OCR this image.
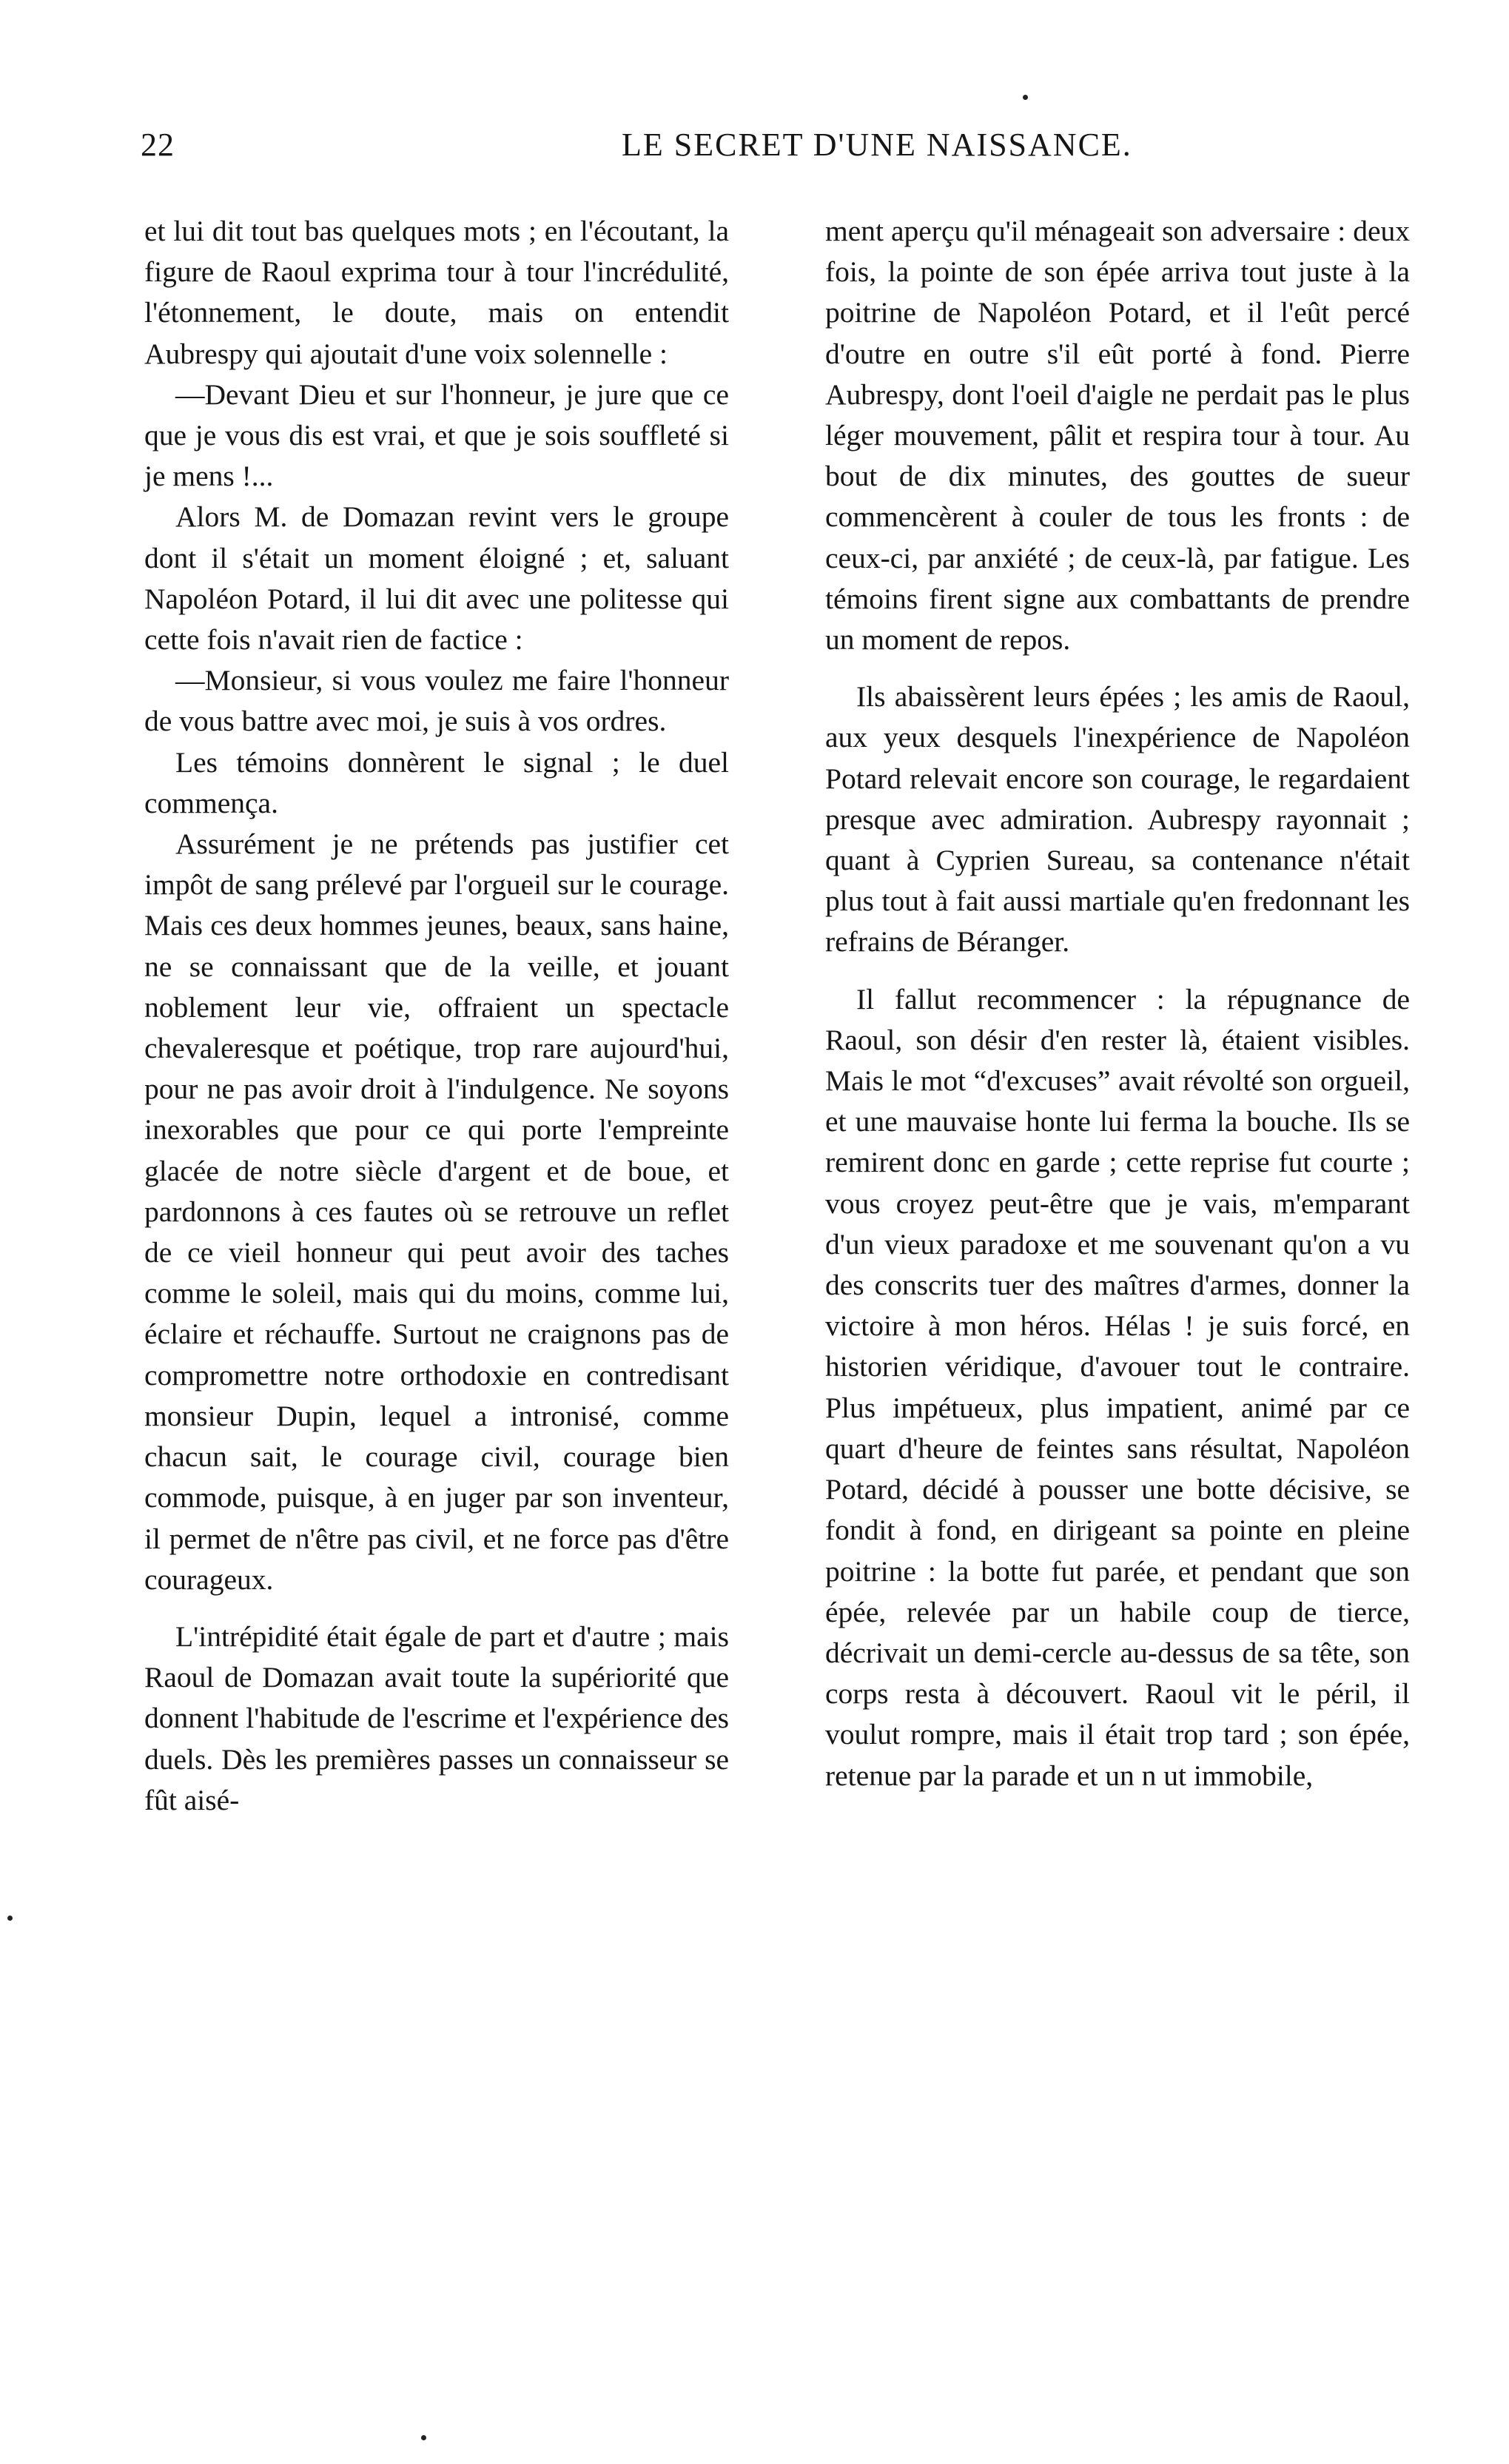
22	LE SECRET D'UNE NAISSANCE.

et lui dit tout bas quelques mots ; en l'écoutant, la figure de Raoul exprima tour à tour l'incrédulité, l'étonnement, le doute, mais on entendit Aubrespy qui ajoutait d'une voix solennelle :

—Devant Dieu et sur l'honneur, je jure que ce que je vous dis est vrai, et que je sois souffleté si je mens !...

Alors M. de Domazan revint vers le groupe dont il s'était un moment éloigné ; et, saluant Napoléon Potard, il lui dit avec une politesse qui cette fois n'avait rien de factice :

—Monsieur, si vous voulez me faire l'honneur de vous battre avec moi, je suis à vos ordres.

Les témoins donnèrent le signal ; le duel commença.

Assurément je ne prétends pas justifier cet impôt de sang prélevé par l'orgueil sur le courage. Mais ces deux hommes jeunes, beaux, sans haine, ne se connaissant que de la veille, et jouant noblement leur vie, offraient un spectacle chevaleresque et poétique, trop rare aujourd'hui, pour ne pas avoir droit à l'indulgence. Ne soyons inexorables que pour ce qui porte l'empreinte glacée de notre siècle d'argent et de boue, et pardonnons à ces fautes où se retrouve un reflet de ce vieil honneur qui peut avoir des taches comme le soleil, mais qui du moins, comme lui, éclaire et réchauffe. Surtout ne craignons pas de compromettre notre orthodoxie en contredisant monsieur Dupin, lequel a intronisé, comme chacun sait, le courage civil, courage bien commode, puisque, à en juger par son inventeur, il permet de n'être pas civil, et ne force pas d'être courageux.

L'intrépidité était égale de part et d'autre ; mais Raoul de Domazan avait toute la supériorité que donnent l'habitude de l'escrime et l'expérience des duels. Dès les premières passes un connaisseur se fût aisé-

ment aperçu qu'il ménageait son adversaire : deux fois, la pointe de son épée arriva tout juste à la poitrine de Napoléon Potard, et il l'eût percé d'outre en outre s'il eût porté à fond. Pierre Aubrespy, dont l'oeil d'aigle ne perdait pas le plus léger mouvement, pâlit et respira tour à tour. Au bout de dix minutes, des gouttes de sueur commencèrent à couler de tous les fronts : de ceux-ci, par anxiété ; de ceux-là, par fatigue. Les témoins firent signe aux combattants de prendre un moment de repos.

Ils abaissèrent leurs épées ; les amis de Raoul, aux yeux desquels l'inexpérience de Napoléon Potard relevait encore son courage, le regardaient presque avec admiration. Aubrespy rayonnait ; quant à Cyprien Sureau, sa contenance n'était plus tout à fait aussi martiale qu'en fredonnant les refrains de Béranger.

Il fallut recommencer : la répugnance de Raoul, son désir d'en rester là, étaient visibles. Mais le mot “d'excuses” avait révolté son orgueil, et une mauvaise honte lui ferma la bouche. Ils se remirent donc en garde ; cette reprise fut courte ; vous croyez peut-être que je vais, m'emparant d'un vieux paradoxe et me souvenant qu'on a vu des conscrits tuer des maîtres d'armes, donner la victoire à mon héros. Hélas ! je suis forcé, en historien véridique, d'avouer tout le contraire. Plus impétueux, plus impatient, animé par ce quart d'heure de feintes sans résultat, Napoléon Potard, décidé à pousser une botte décisive, se fondit à fond, en dirigeant sa pointe en pleine poitrine : la botte fut parée, et pendant que son épée, relevée par un habile coup de tierce, décrivait un demi-cercle au-dessus de sa tête, son corps resta à découvert. Raoul vit le péril, il voulut rompre, mais il était trop tard ; son épée, retenue par la parade et un n ut immobile,
